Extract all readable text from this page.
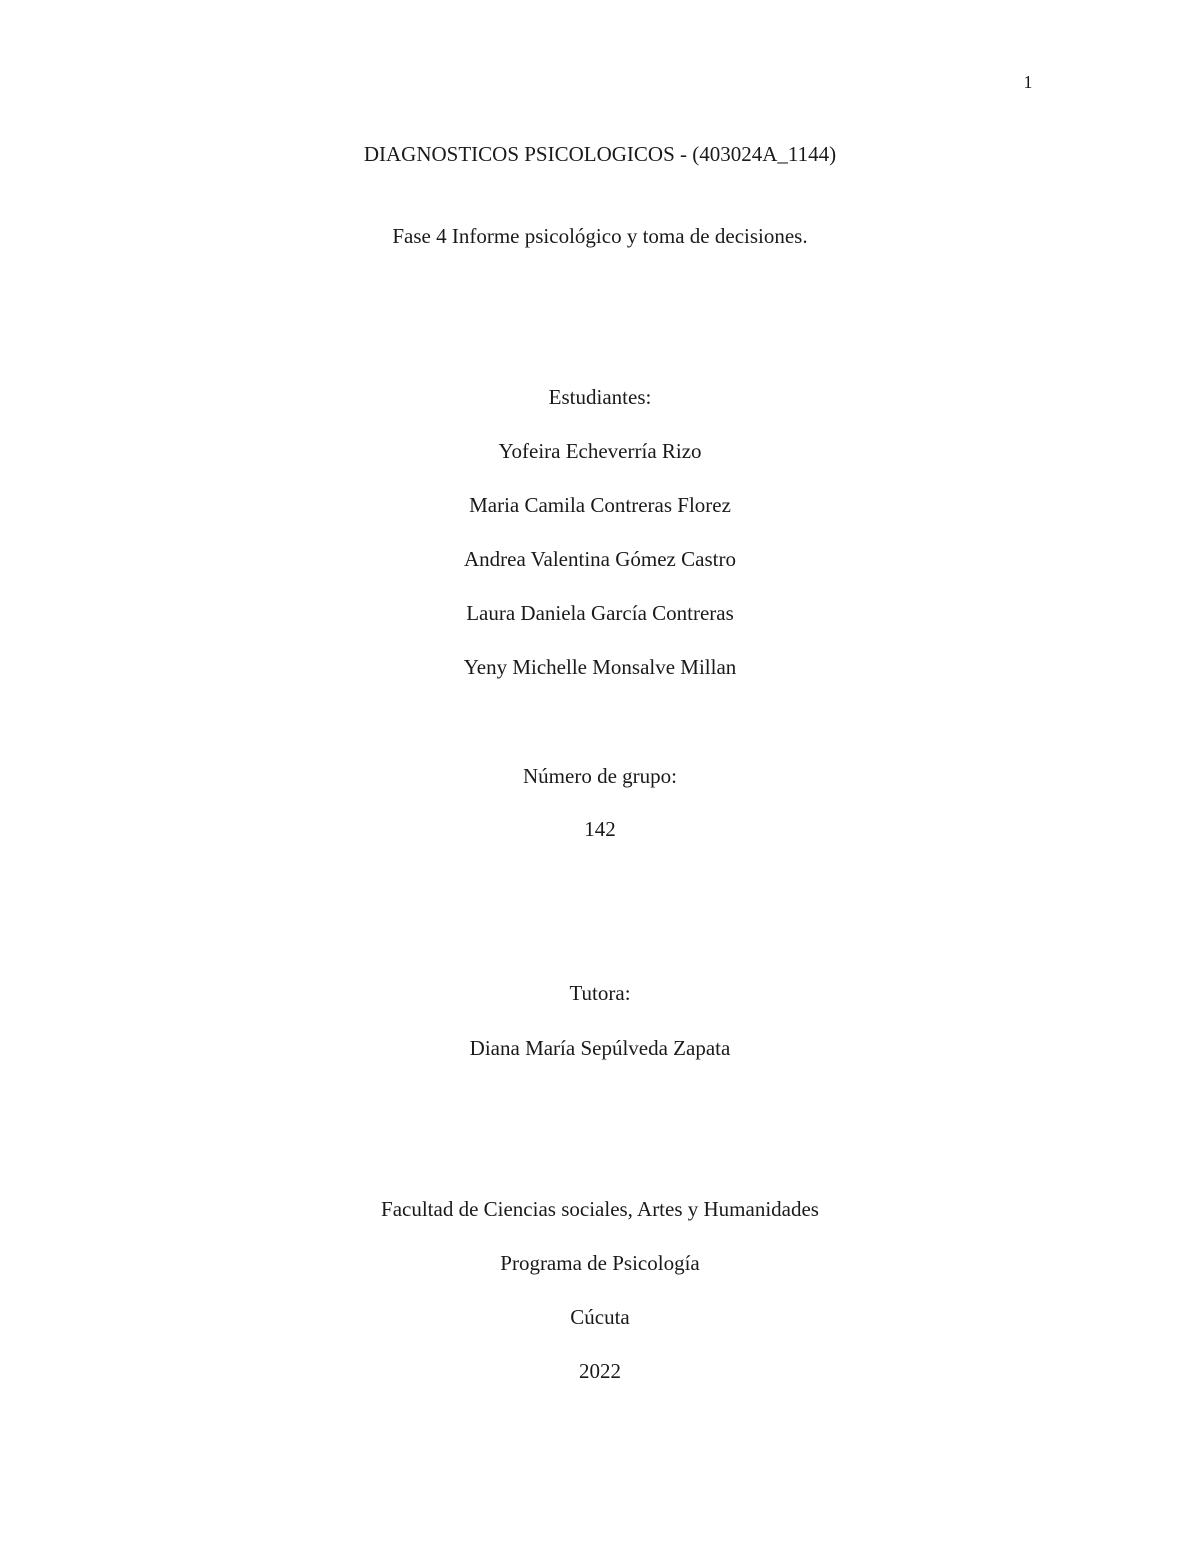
1
DIAGNOSTICOS PSICOLOGICOS - (403024A_1144)
Fase 4 Informe psicológico y toma de decisiones.
Estudiantes:
Yofeira Echeverría Rizo
Maria Camila Contreras Florez
Andrea Valentina Gómez Castro
Laura Daniela García Contreras
Yeny Michelle Monsalve Millan
Número de grupo:
142
Tutora:
Diana María Sepúlveda Zapata
Facultad de Ciencias sociales, Artes y Humanidades
Programa de Psicología
Cúcuta
2022
